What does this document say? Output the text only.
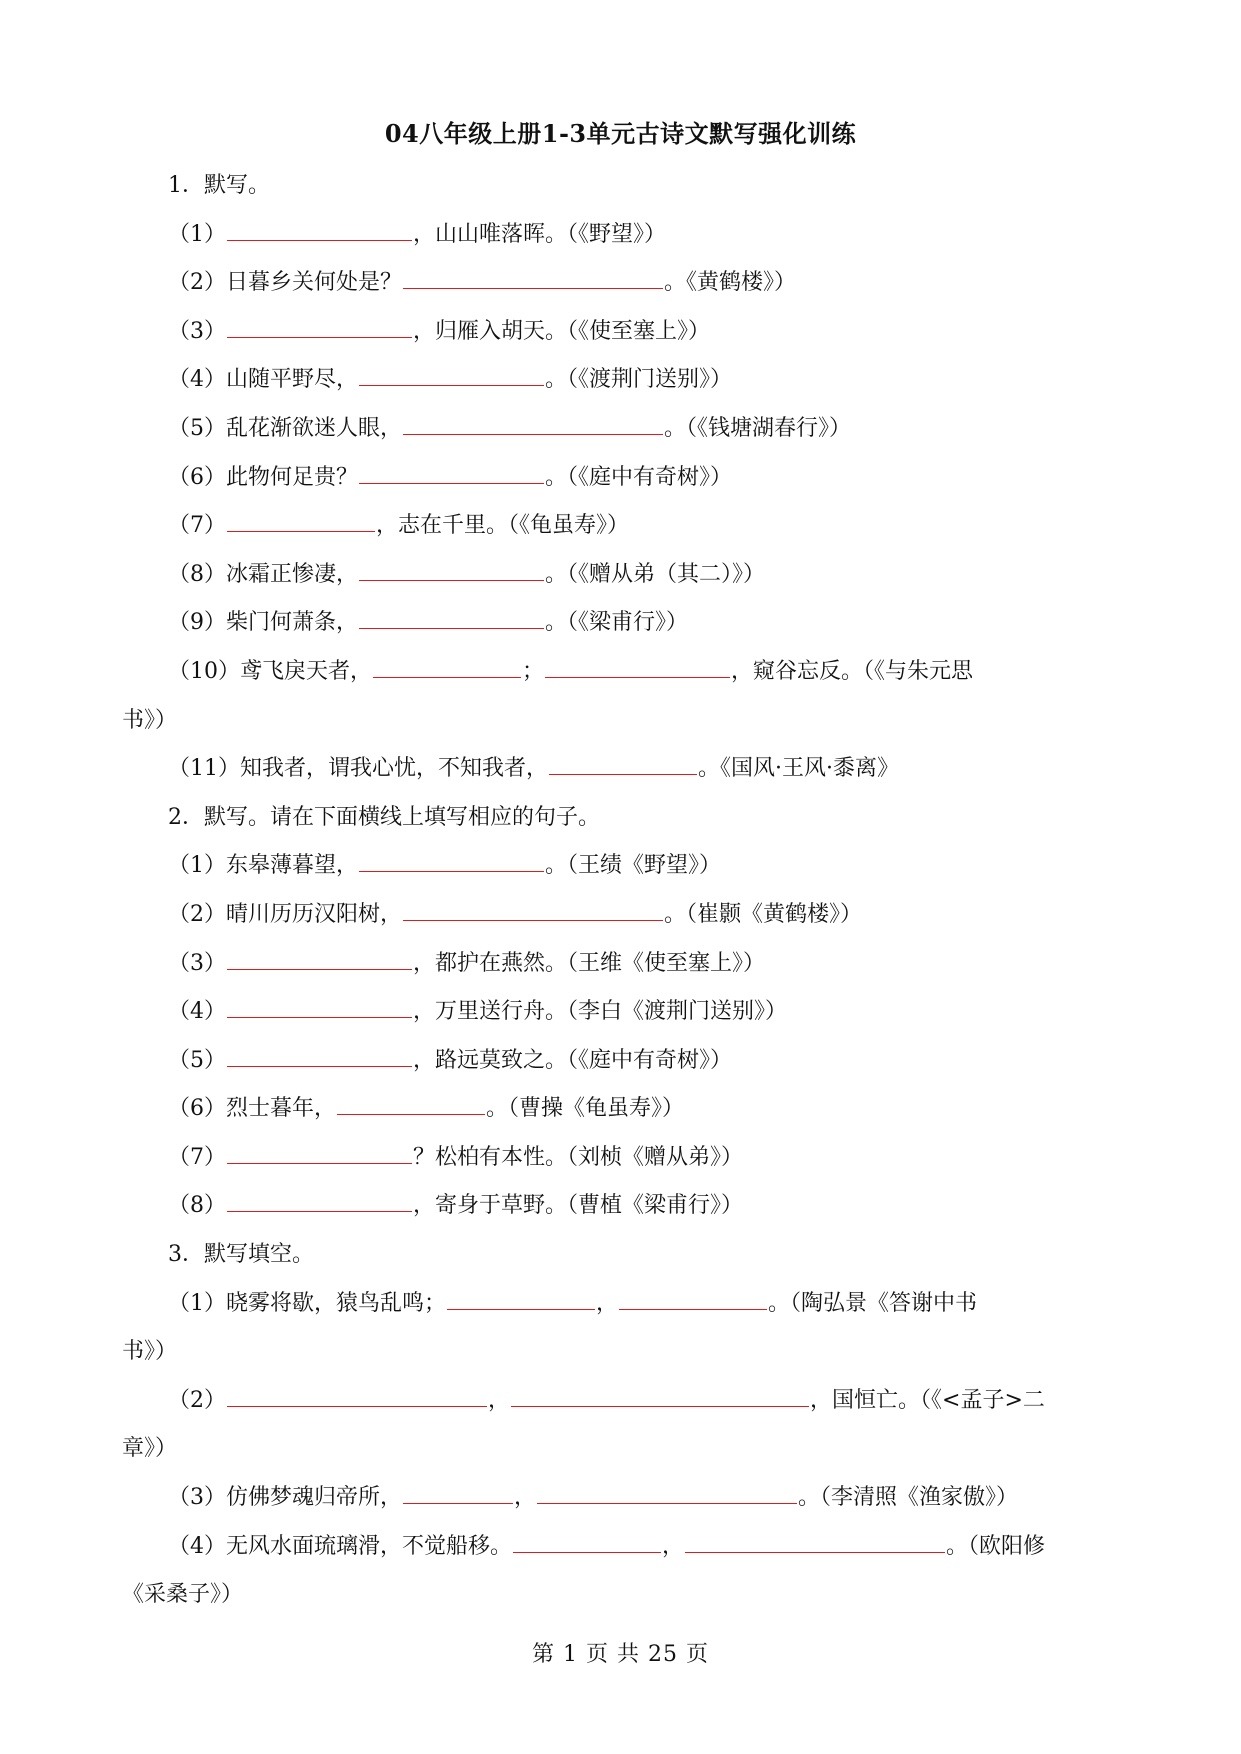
04八年级上册1-3单元古诗文默写强化训练
1．默写。
（1）	，山山唯落晖。（《野望》）
（2）日暮乡关何处是？	。《黄鹤楼》）
（3）	，归雁入胡天。（《使至塞上》）
（4）山随平野尽，	。（《渡荆门送别》）
（5）乱花渐欲迷人眼，	。（《钱塘湖春行》）
（6）此物何足贵？	。（《庭中有奇树》）
（7）	，志在千里。（《龟虽寿》）
（8）冰霜正惨凄，	。（《赠从弟（其二）》）
（9）柴门何萧条，	。（《梁甫行》）
（10）鸢飞戾天者，	；	，窥谷忘反。（《与朱元思
书》）
（11）知我者，谓我心忧，不知我者，	。《国风·王风·黍离》
2．默写。请在下面横线上填写相应的句子。
（1）东皋薄暮望，	。（王绩《野望》）
（2）晴川历历汉阳树，	。（崔颢《黄鹤楼》）
（3）	，都护在燕然。（王维《使至塞上》）
（4）	，万里送行舟。（李白《渡荆门送别》）
（5）	，路远莫致之。（《庭中有奇树》）
（6）烈士暮年，	。（曹操《龟虽寿》）
（7）	？松柏有本性。（刘桢《赠从弟》）
（8）	，寄身于草野。（曹植《梁甫行》）
3．默写填空。
（1）晓雾将歇，猿鸟乱鸣；	，	。（陶弘景《答谢中书
书》）
（2）	，	，国恒亡。（《<孟子>二
章》）
（3）仿佛梦魂归帝所，	，	。（李清照《渔家傲》）
（4）无风水面琉璃滑，不觉船移。	，	。（欧阳修
《采桑子》）
第 1 页 共 25 页
